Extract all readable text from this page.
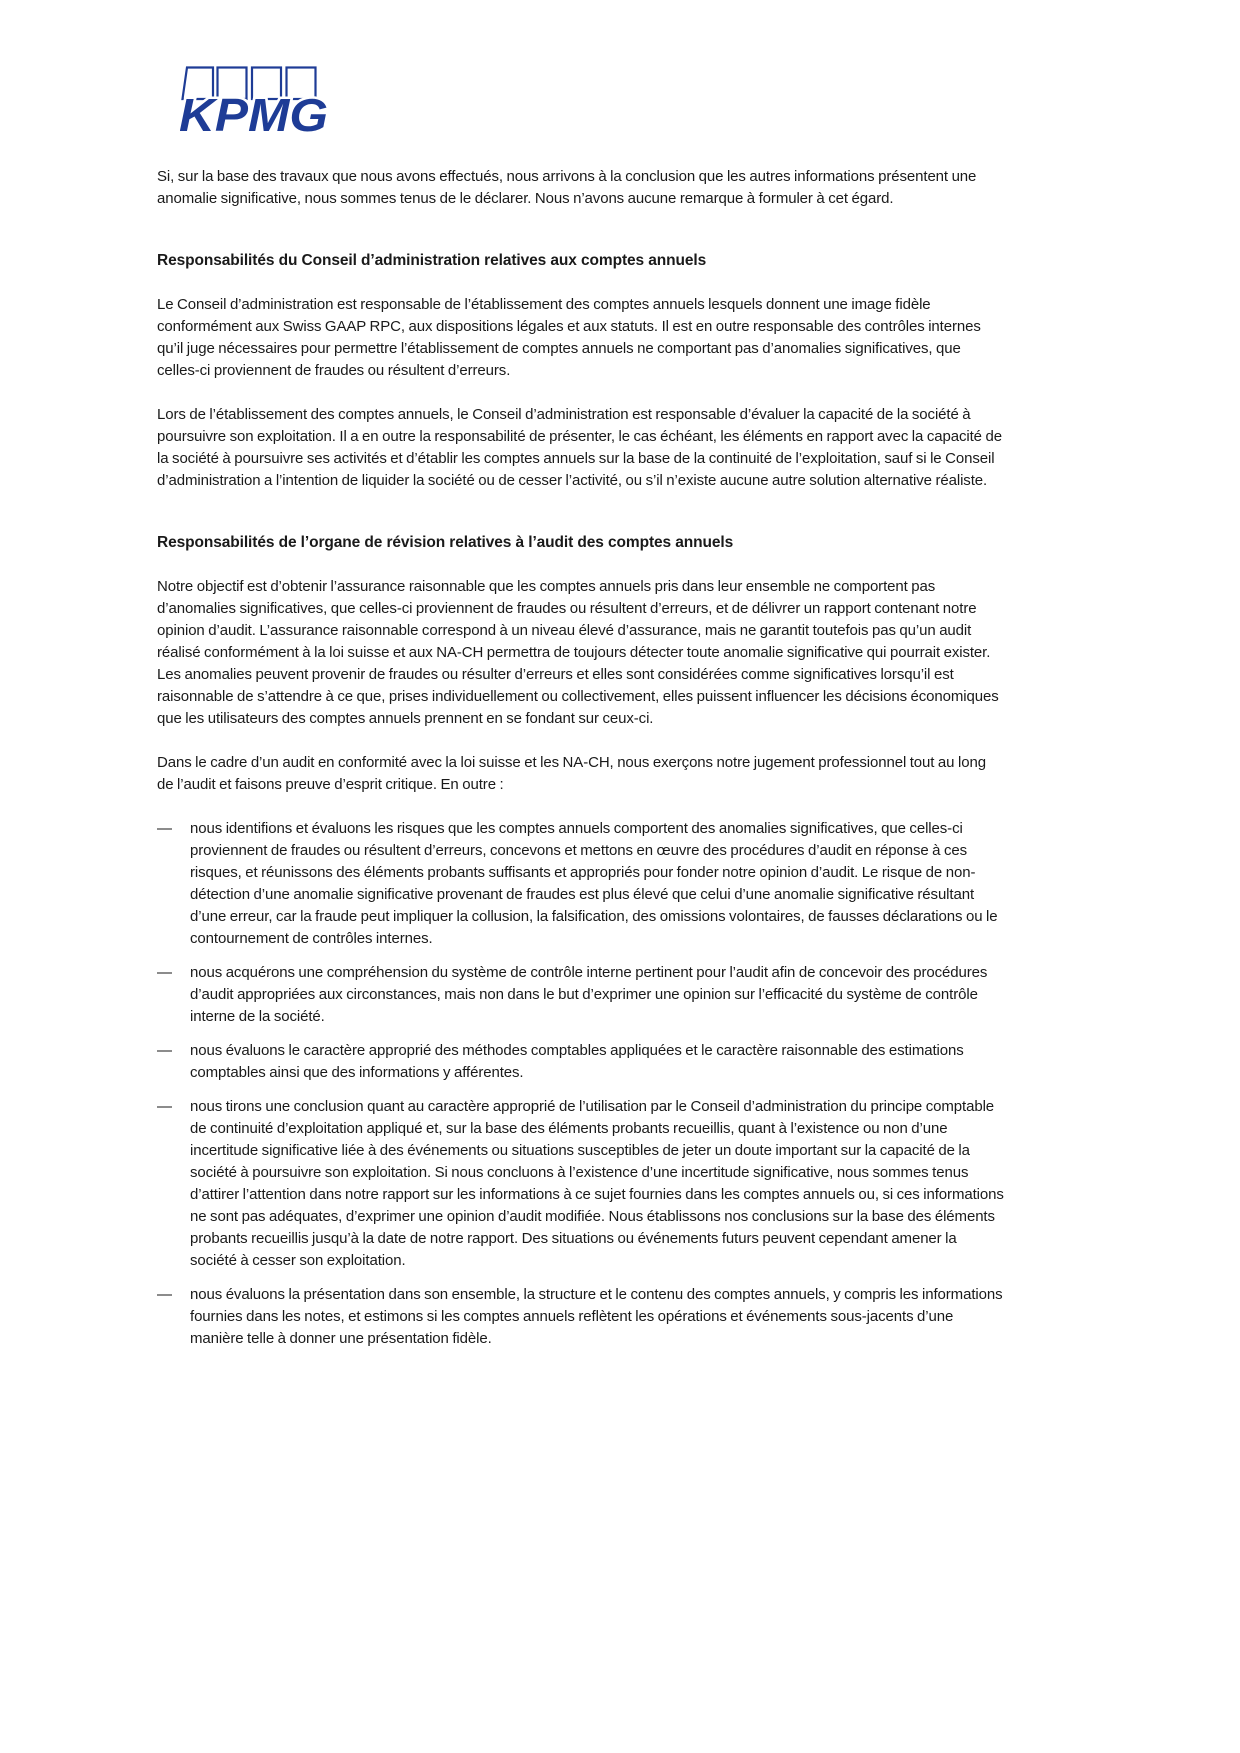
KPMG

Si, sur la base des travaux que nous avons effectués, nous arrivons à la conclusion que les autres informations présentent une anomalie significative, nous sommes tenus de le déclarer. Nous n’avons aucune remarque à formuler à cet égard.

Responsabilités du Conseil d’administration relatives aux comptes annuels

Le Conseil d’administration est responsable de l’établissement des comptes annuels lesquels donnent une image fidèle conformément aux Swiss GAAP RPC, aux dispositions légales et aux statuts. Il est en outre responsable des contrôles internes qu’il juge nécessaires pour permettre l’établissement de comptes annuels ne comportant pas d’anomalies significatives, que celles-ci proviennent de fraudes ou résultent d’erreurs.

Lors de l’établissement des comptes annuels, le Conseil d’administration est responsable d’évaluer la capacité de la société à poursuivre son exploitation. Il a en outre la responsabilité de présenter, le cas échéant, les éléments en rapport avec la capacité de la société à poursuivre ses activités et d’établir les comptes annuels sur la base de la continuité de l’exploitation, sauf si le Conseil d’administration a l’intention de liquider la société ou de cesser l’activité, ou s’il n’existe aucune autre solution alternative réaliste.

Responsabilités de l’organe de révision relatives à l’audit des comptes annuels

Notre objectif est d’obtenir l’assurance raisonnable que les comptes annuels pris dans leur ensemble ne comportent pas d’anomalies significatives, que celles-ci proviennent de fraudes ou résultent d’erreurs, et de délivrer un rapport contenant notre opinion d’audit. L’assurance raisonnable correspond à un niveau élevé d’assurance, mais ne garantit toutefois pas qu’un audit réalisé conformément à la loi suisse et aux NA-CH permettra de toujours détecter toute anomalie significative qui pourrait exister. Les anomalies peuvent provenir de fraudes ou résulter d’erreurs et elles sont considérées comme significatives lorsqu’il est raisonnable de s’attendre à ce que, prises individuellement ou collectivement, elles puissent influencer les décisions économiques que les utilisateurs des comptes annuels prennent en se fondant sur ceux-ci.

Dans le cadre d’un audit en conformité avec la loi suisse et les NA-CH, nous exerçons notre jugement professionnel tout au long de l’audit et faisons preuve d’esprit critique. En outre :

— nous identifions et évaluons les risques que les comptes annuels comportent des anomalies significatives, que celles-ci proviennent de fraudes ou résultent d’erreurs, concevons et mettons en œuvre des procédures d’audit en réponse à ces risques, et réunissons des éléments probants suffisants et appropriés pour fonder notre opinion d’audit. Le risque de non-détection d’une anomalie significative provenant de fraudes est plus élevé que celui d’une anomalie significative résultant d’une erreur, car la fraude peut impliquer la collusion, la falsification, des omissions volontaires, de fausses déclarations ou le contournement de contrôles internes.
— nous acquérons une compréhension du système de contrôle interne pertinent pour l’audit afin de concevoir des procédures d’audit appropriées aux circonstances, mais non dans le but d’exprimer une opinion sur l’efficacité du système de contrôle interne de la société.
— nous évaluons le caractère approprié des méthodes comptables appliquées et le caractère raisonnable des estimations comptables ainsi que des informations y afférentes.
— nous tirons une conclusion quant au caractère approprié de l’utilisation par le Conseil d’administration du principe comptable de continuité d’exploitation appliqué et, sur la base des éléments probants recueillis, quant à l’existence ou non d’une incertitude significative liée à des événements ou situations susceptibles de jeter un doute important sur la capacité de la société à poursuivre son exploitation. Si nous concluons à l’existence d’une incertitude significative, nous sommes tenus d’attirer l’attention dans notre rapport sur les informations à ce sujet fournies dans les comptes annuels ou, si ces informations ne sont pas adéquates, d’exprimer une opinion d’audit modifiée. Nous établissons nos conclusions sur la base des éléments probants recueillis jusqu’à la date de notre rapport. Des situations ou événements futurs peuvent cependant amener la société à cesser son exploitation.
— nous évaluons la présentation dans son ensemble, la structure et le contenu des comptes annuels, y compris les informations fournies dans les notes, et estimons si les comptes annuels reflètent les opérations et événements sous-jacents d’une manière telle à donner une présentation fidèle.
